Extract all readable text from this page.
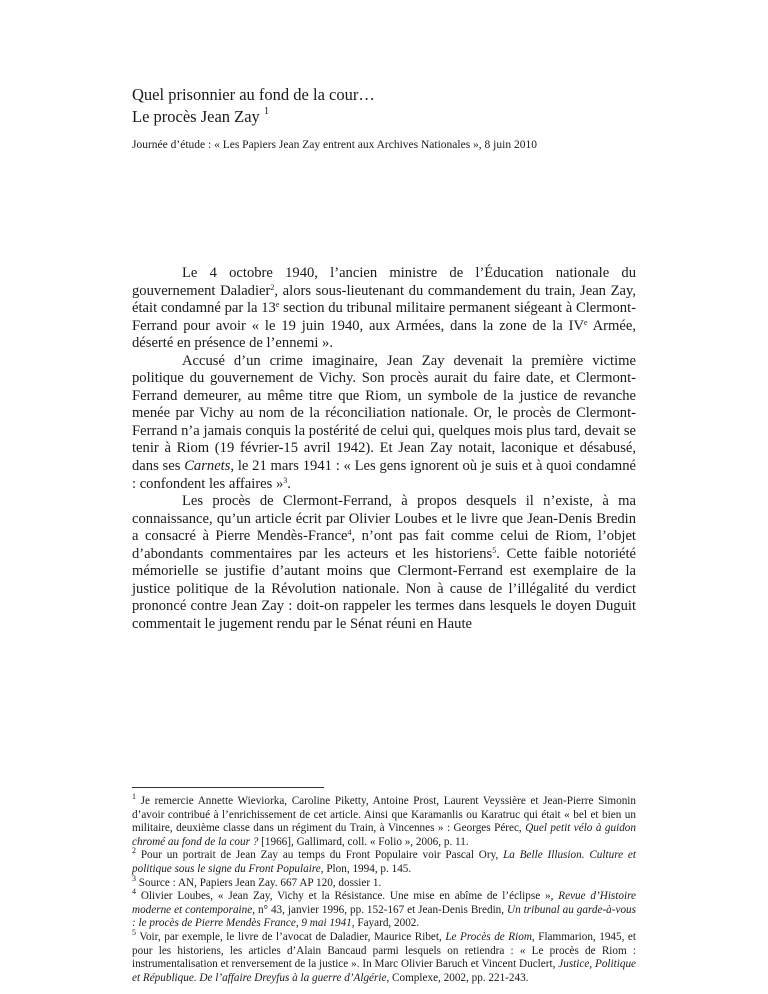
Quel prisonnier au fond de la cour…
Le procès Jean Zay $^1$
Journée d’étude : « Les Papiers Jean Zay entrent aux Archives Nationales », 8 juin 2010

Le 4 octobre 1940, l’ancien ministre de l’Éducation nationale du gouvernement Daladier$^2$, alors sous-lieutenant du commandement du train, Jean Zay, était condamné par la 13e section du tribunal militaire permanent siégeant à Clermont-Ferrand pour avoir « le 19 juin 1940, aux Armées, dans la zone de la IVe Armée, déserté en présence de l’ennemi ».

Accusé d’un crime imaginaire, Jean Zay devenait la première victime politique du gouvernement de Vichy. Son procès aurait du faire date, et Clermont-Ferrand demeurer, au même titre que Riom, un symbole de la justice de revanche menée par Vichy au nom de la réconciliation nationale. Or, le procès de Clermont-Ferrand n’a jamais conquis la postérité de celui qui, quelques mois plus tard, devait se tenir à Riom (19 février-15 avril 1942). Et Jean Zay notait, laconique et désabusé, dans ses Carnets, le 21 mars 1941 : « Les gens ignorent où je suis et à quoi condamné : confondent les affaires »$^3$.

Les procès de Clermont-Ferrand, à propos desquels il n’existe, à ma connaissance, qu’un article écrit par Olivier Loubes et le livre que Jean-Denis Bredin a consacré à Pierre Mendès-France$^4$, n’ont pas fait comme celui de Riom, l’objet d’abondants commentaires par les acteurs et les historiens$^5$. Cette faible notoriété mémorielle se justifie d’autant moins que Clermont-Ferrand est exemplaire de la justice politique de la Révolution nationale. Non à cause de l’illégalité du verdict prononcé contre Jean Zay : doit-on rappeler les termes dans lesquels le doyen Duguit commentait le jugement rendu par le Sénat réuni en Haute

$^1$ Je remercie Annette Wieviorka, Caroline Piketty, Antoine Prost, Laurent Veyssière et Jean-Pierre Simonin d’avoir contribué à l’enrichissement de cet article. Ainsi que Karamanlis ou Karatruc qui était « bel et bien un militaire, deuxième classe dans un régiment du Train, à Vincennes » : Georges Pérec, Quel petit vélo à guidon chromé au fond de la cour ? [1966], Gallimard, coll. « Folio », 2006, p. 11.

$^2$ Pour un portrait de Jean Zay au temps du Front Populaire voir Pascal Ory, La Belle Illusion. Culture et politique sous le signe du Front Populaire, Plon, 1994, p. 145.

$^3$ Source : AN, Papiers Jean Zay. 667 AP 120, dossier 1.

$^4$ Olivier Loubes, « Jean Zay, Vichy et la Résistance. Une mise en abîme de l’éclipse », Revue d’Histoire moderne et contemporaine, n° 43, janvier 1996, pp. 152-167 et Jean-Denis Bredin, Un tribunal au garde-à-vous : le procès de Pierre Mendès France, 9 mai 1941, Fayard, 2002.

$^5$ Voir, par exemple, le livre de l’avocat de Daladier, Maurice Ribet, Le Procès de Riom, Flammarion, 1945, et pour les historiens, les articles d’Alain Bancaud parmi lesquels on retiendra : « Le procès de Riom : instrumentalisation et renversement de la justice ». In Marc Olivier Baruch et Vincent Duclert, Justice, Politique et République. De l’affaire Dreyfus à la guerre d’Algérie, Complexe, 2002, pp. 221-243.
